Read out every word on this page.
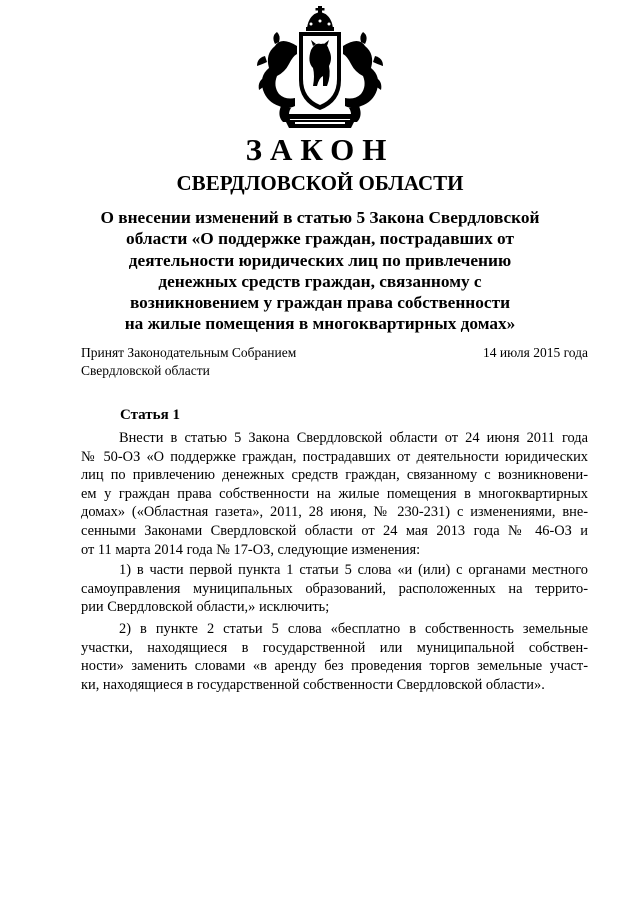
ЗАКОН
СВЕРДЛОВСКОЙ ОБЛАСТИ
О внесении изменений в статью 5 Закона Свердловской
области «О поддержке граждан, пострадавших от
деятельности юридических лиц по привлечению
денежных средств граждан, связанному с
возникновением у граждан права собственности
на жилые помещения в многоквартирных домах»
Принят Законодательным Собранием
Свердловской области
14 июля 2015 года
Статья 1
Внести в статью 5 Закона Свердловской области от 24 июня 2011 года
№ 50-ОЗ «О поддержке граждан, пострадавших от деятельности юридических
лиц по привлечению денежных средств граждан, связанному с возникновени-
ем у граждан права собственности на жилые помещения в многоквартирных
домах» («Областная газета», 2011, 28 июня, № 230-231) с изменениями, вне-
сенными Законами Свердловской области от 24 мая 2013 года № 46-ОЗ и
от 11 марта 2014 года № 17-ОЗ, следующие изменения:
1) в части первой пункта 1 статьи 5 слова «и (или) с органами местного
самоуправления муниципальных образований, расположенных на террито-
рии Свердловской области,» исключить;
2) в пункте 2 статьи 5 слова «бесплатно в собственность земельные
участки, находящиеся в государственной или муниципальной собствен-
ности» заменить словами «в аренду без проведения торгов земельные участ-
ки, находящиеся в государственной собственности Свердловской области».
